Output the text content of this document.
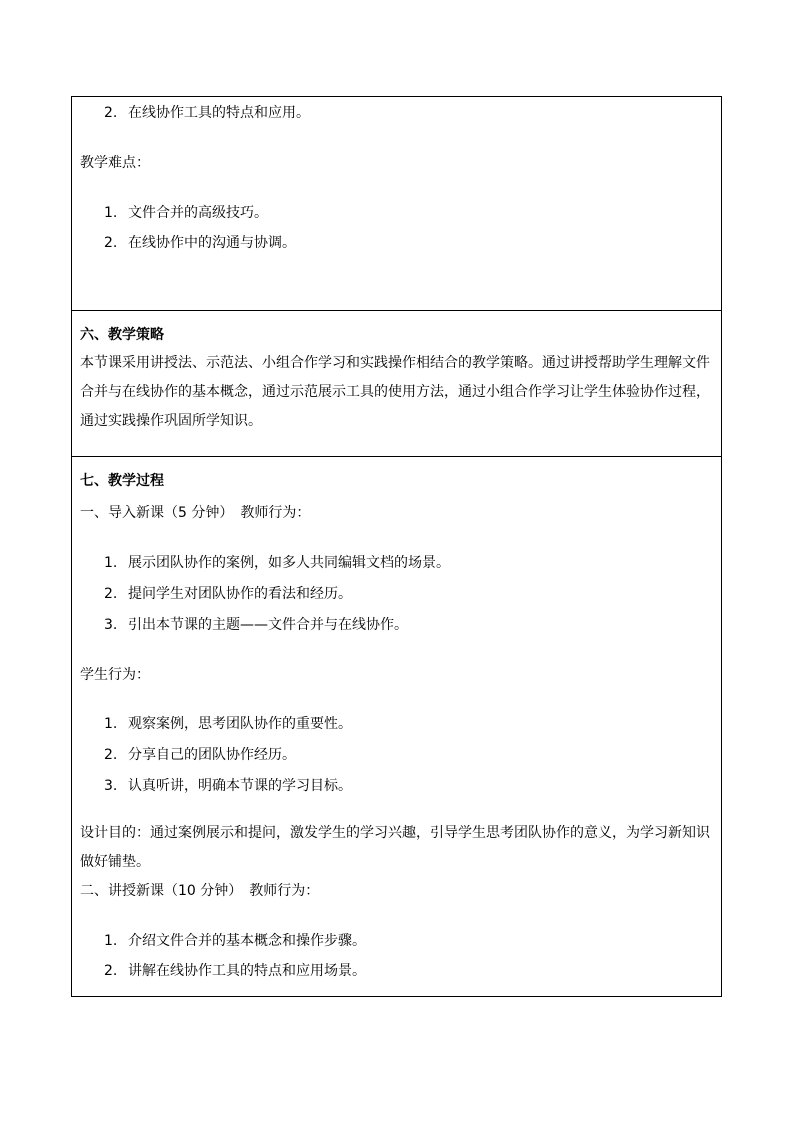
2. 在线协作工具的特点和应用。
教学难点：
1. 文件合并的高级技巧。
2. 在线协作中的沟通与协调。
六、教学策略
本节课采用讲授法、示范法、小组合作学习和实践操作相结合的教学策略。通过讲授帮助学生理解文件合并与在线协作的基本概念，通过示范展示工具的使用方法，通过小组合作学习让学生体验协作过程，通过实践操作巩固所学知识。
七、教学过程
一、导入新课（5 分钟）　教师行为：
1. 展示团队协作的案例，如多人共同编辑文档的场景。
2. 提问学生对团队协作的看法和经历。
3. 引出本节课的主题——文件合并与在线协作。
学生行为：
1. 观察案例，思考团队协作的重要性。
2. 分享自己的团队协作经历。
3. 认真听讲，明确本节课的学习目标。
设计目的：通过案例展示和提问，激发学生的学习兴趣，引导学生思考团队协作的意义，为学习新知识做好铺垫。
二、讲授新课（10 分钟）　教师行为：
1. 介绍文件合并的基本概念和操作步骤。
2. 讲解在线协作工具的特点和应用场景。
